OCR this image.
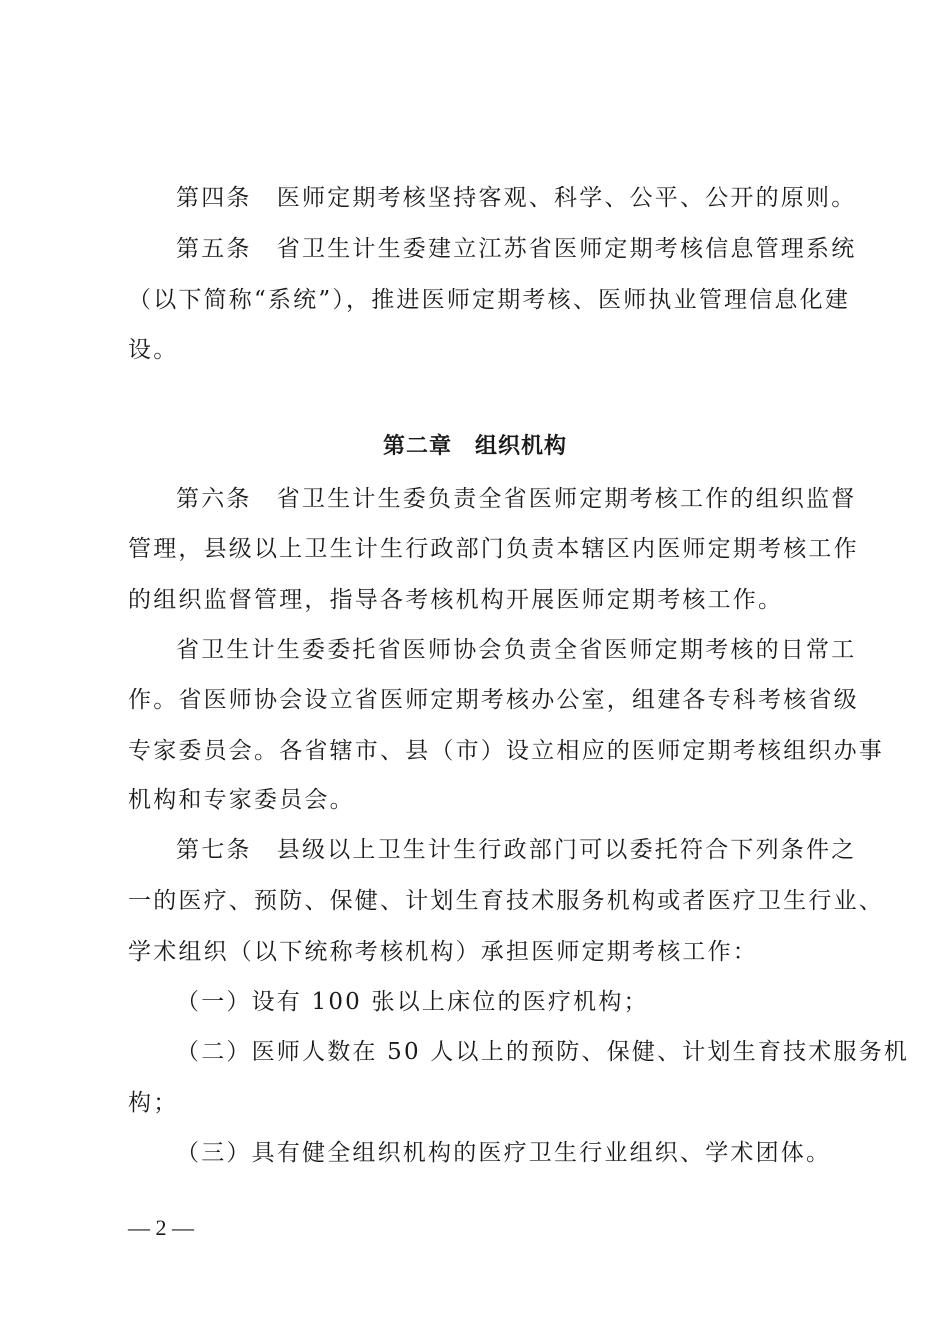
第四条　医师定期考核坚持客观、科学、公平、公开的原则。
第五条　省卫生计生委建立江苏省医师定期考核信息管理系统
（以下简称“系统”），推进医师定期考核、医师执业管理信息化建
设。
第二章　组织机构
第六条　省卫生计生委负责全省医师定期考核工作的组织监督
管理，县级以上卫生计生行政部门负责本辖区内医师定期考核工作
的组织监督管理，指导各考核机构开展医师定期考核工作。
省卫生计生委委托省医师协会负责全省医师定期考核的日常工
作。省医师协会设立省医师定期考核办公室，组建各专科考核省级
专家委员会。各省辖市、县（市）设立相应的医师定期考核组织办事
机构和专家委员会。
第七条　县级以上卫生计生行政部门可以委托符合下列条件之
一的医疗、预防、保健、计划生育技术服务机构或者医疗卫生行业、
学术组织（以下统称考核机构）承担医师定期考核工作：
（一）设有 100 张以上床位的医疗机构；
（二）医师人数在 50 人以上的预防、保健、计划生育技术服务机
构；
（三）具有健全组织机构的医疗卫生行业组织、学术团体。
— 2 —
